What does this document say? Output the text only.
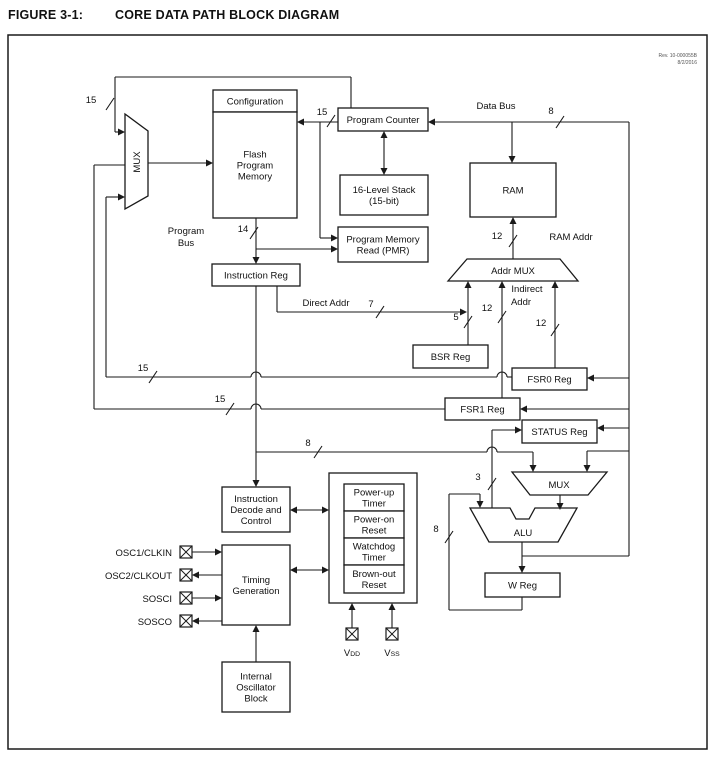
FIGURE 3-1:	CORE DATA PATH BLOCK DIAGRAM
Configuration
Flash Program Memory
Program Counter
16-Level Stack (15-bit)
RAM
Program Memory Read (PMR)
Instruction Reg
BSR Reg
FSR0 Reg
FSR1 Reg
STATUS Reg
W Reg
Instruction Decode and Control
Timing Generation
Internal Oscillator Block
Power-up Timer
Power-on Reset
Watchdog Timer
Brown-out Reset
15
15
15
15	8
14
Program
Bus
Data Bus
Direct Addr 7
5
12
12
12	RAM Addr
Indirect
Addr
8
3
8
OSC1/CLKIN
OSC2/CLKOUT
SOSCI
SOSCO
VDD	VSS
Rev. 10-000055B
8/2/2016
MUX
Addr MUX
MUX
ALU
